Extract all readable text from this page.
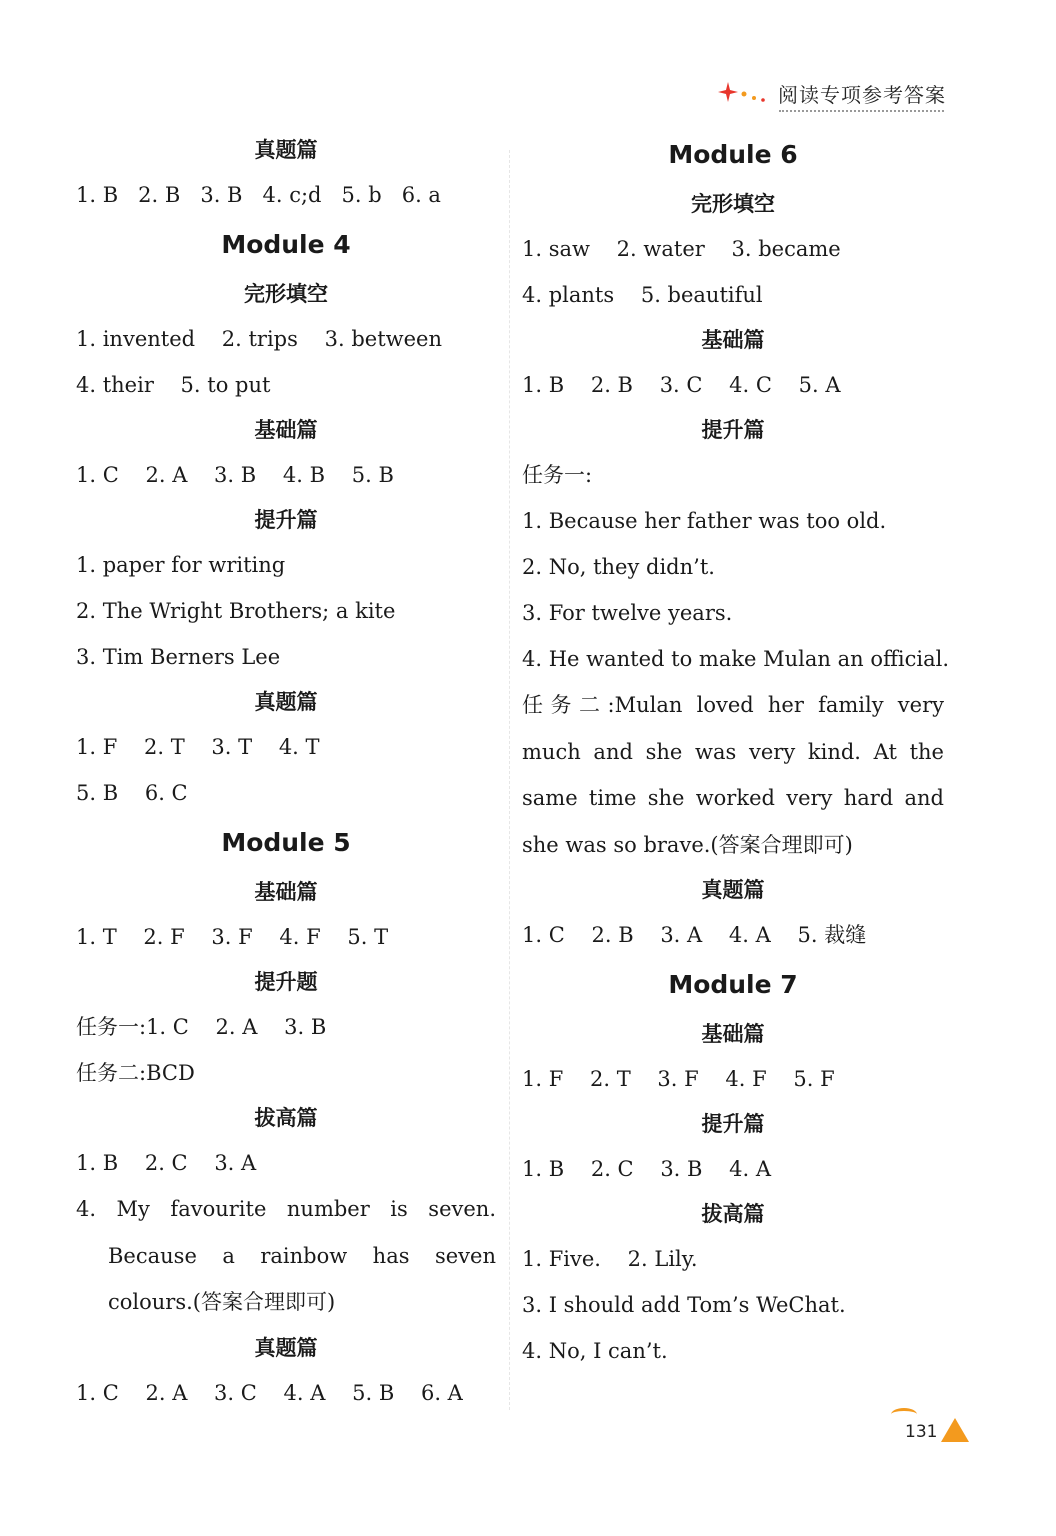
阅读专项参考答案

真题篇

1. B   2. B   3. B   4. c;d   5. b   6. a

Module 4

完形填空

1. invented    2. trips    3. between

4. their    5. to put

基础篇

1. C    2. A    3. B    4. B    5. B

提升篇

1. paper for writing

2. The Wright Brothers; a kite

3. Tim Berners Lee

真题篇

1. F    2. T    3. T    4. T

5. B    6. C

Module 5

基础篇

1. T    2. F    3. F    4. F    5. T

提升题

任务一:1. C    2. A    3. B

任务二:BCD

拔高篇

1. B    2. C    3. A

4. My favourite number is seven. Because a rainbow has seven colours.(答案合理即可)

真题篇

1. C    2. A    3. C    4. A    5. B    6. A

Module 6

完形填空

1. saw    2. water    3. became

4. plants    5. beautiful

基础篇

1. B    2. B    3. C    4. C    5. A

提升篇

任务一:

1. Because her father was too old.

2. No, they didn’t.

3. For twelve years.

4. He wanted to make Mulan an official.

任务二:Mulan loved her family very much and she was very kind. At the same time she worked very hard and she was so brave.(答案合理即可)

真题篇

1. C    2. B    3. A    4. A    5. 裁缝

Module 7

基础篇

1. F    2. T    3. F    4. F    5. F

提升篇

1. B    2. C    3. B    4. A

拔高篇

1. Five.    2. Lily.

3. I should add Tom’s WeChat.

4. No, I can’t.

131
